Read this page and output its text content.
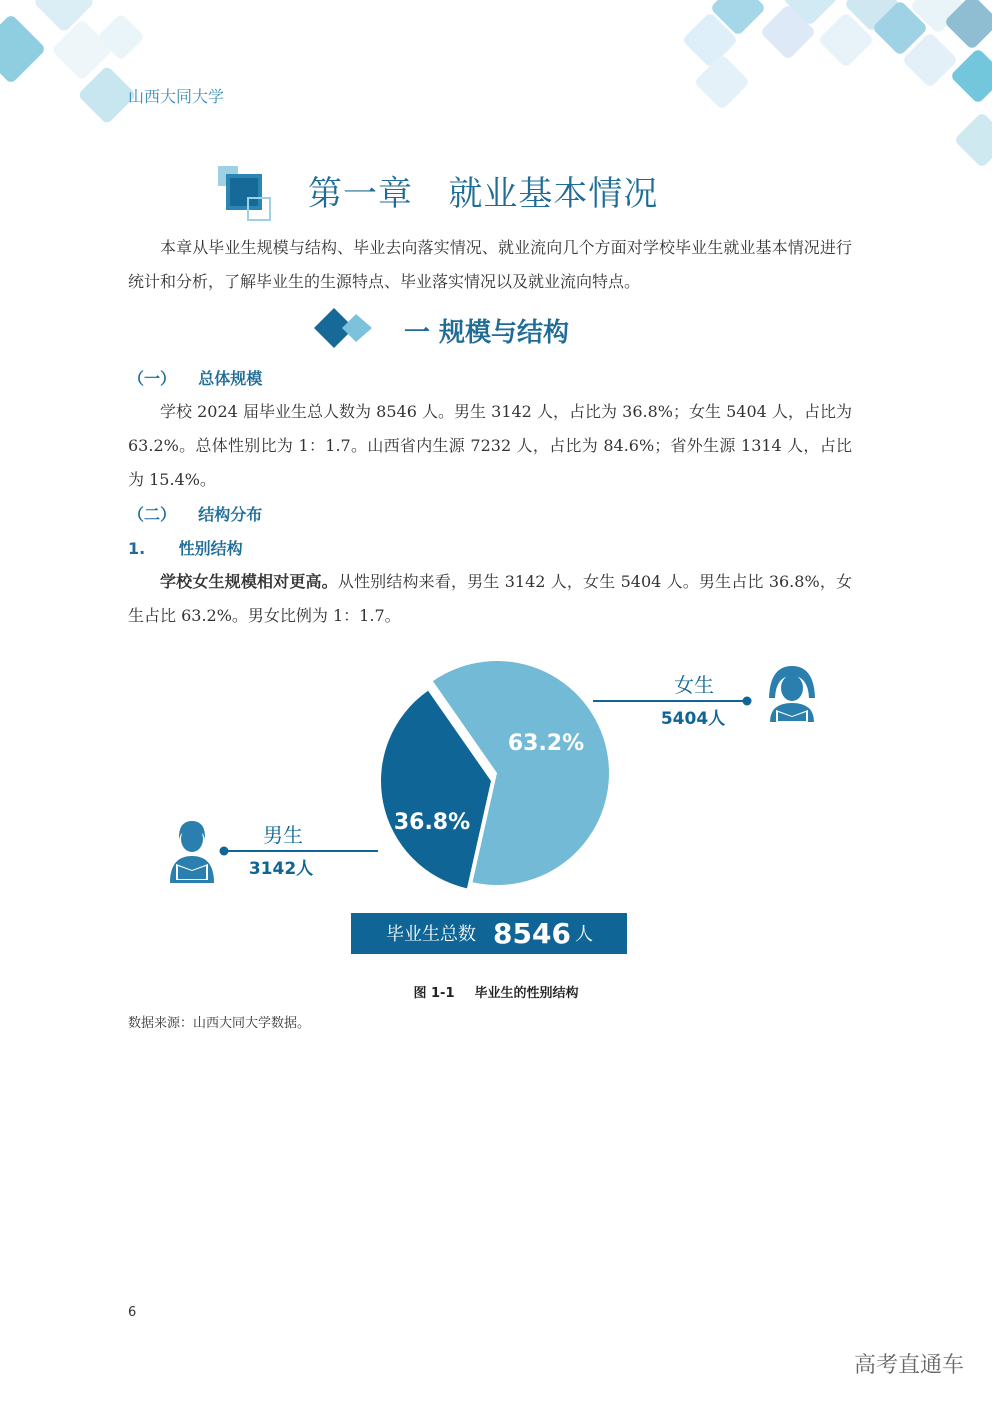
山西大同大学
第一章   就业基本情况
本章从毕业生规模与结构、毕业去向落实情况、就业流向几个方面对学校毕业生就业基本情况进行统计和分析，了解毕业生的生源特点、毕业落实情况以及就业流向特点。
一 规模与结构
（一）    总体规模
学校 2024 届毕业生总人数为 8546 人。男生 3142 人，占比为 36.8%；女生 5404 人，占比为 63.2%。总体性别比为 1：1.7。山西省内生源 7232 人，占比为 84.6%；省外生源 1314 人，占比为 15.4%。
（二）    结构分布
1.      性别结构
学校女生规模相对更高。从性别结构来看，男生 3142 人，女生 5404 人。男生占比 36.8%，女生占比 63.2%。男女比例为 1：1.7。
63.2%
36.8%
女生
5404人
男生
3142人
毕业生总数 8546 人
图 1-1 毕业生的性别结构
数据来源：山西大同大学数据。
6
高考直通车
